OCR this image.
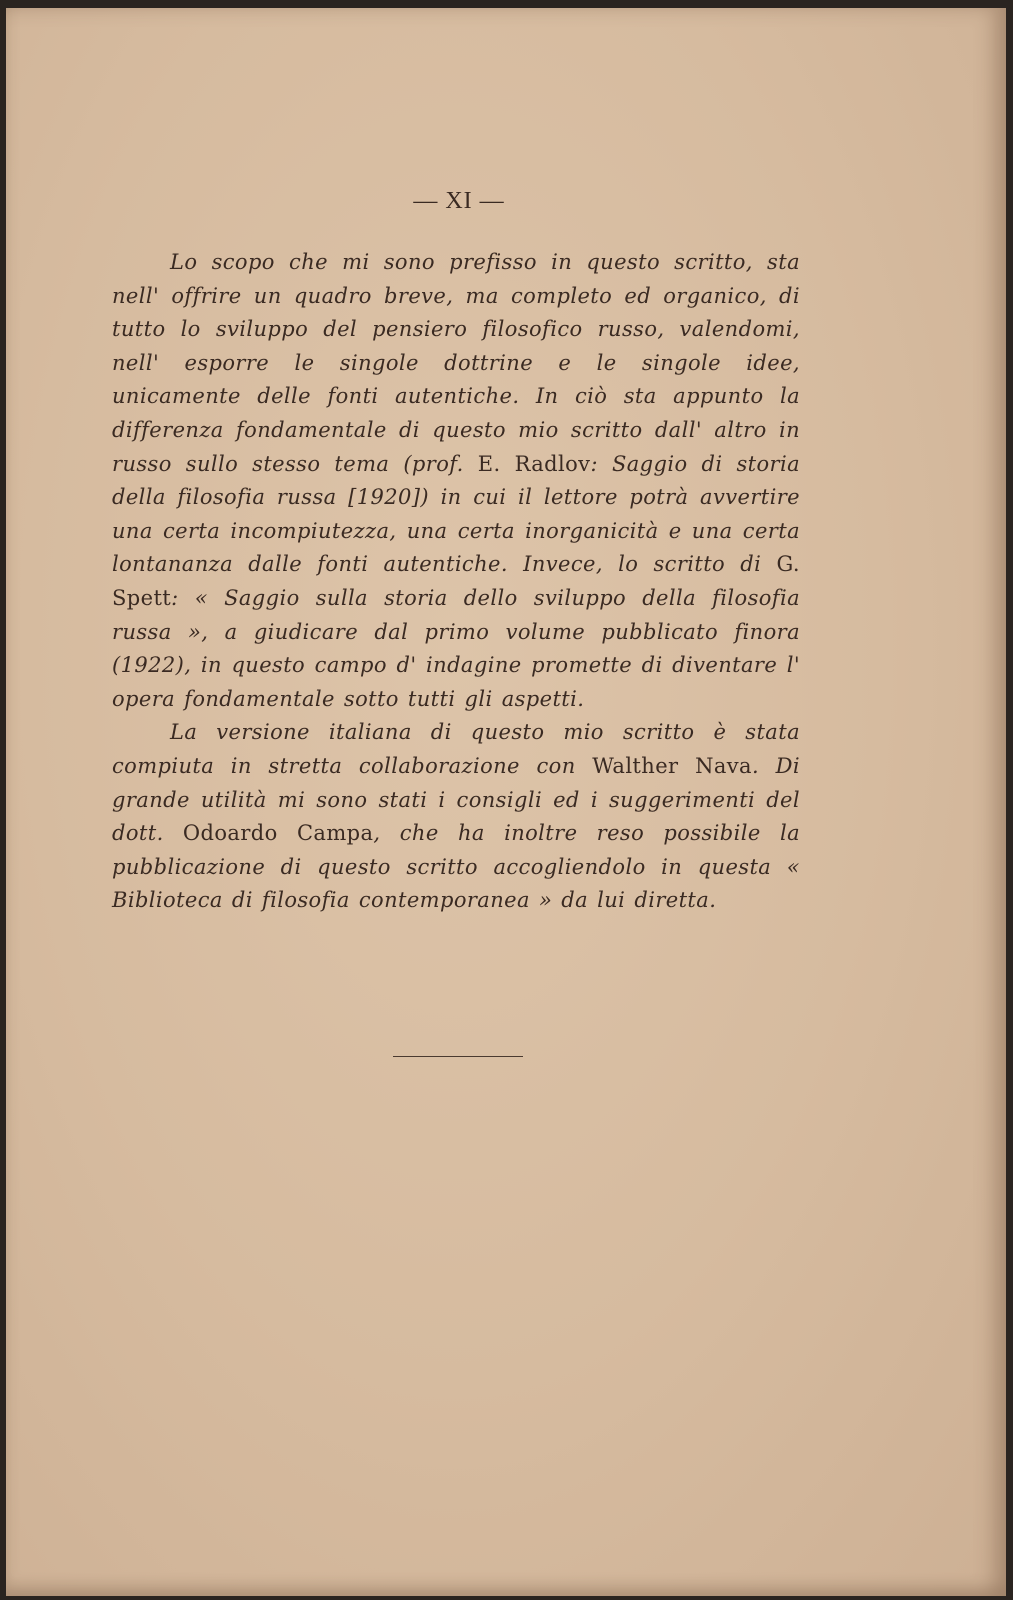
— XI —

Lo scopo che mi sono prefisso in questo scritto, sta nell' offrire un quadro breve, ma completo ed organico, di tutto lo sviluppo del pensiero filosofico russo, valendomi, nell' esporre le singole dottrine e le singole idee, unicamente delle fonti autentiche. In ciò sta appunto la differenza fondamentale di questo mio scritto dall' altro in russo sullo stesso tema (prof. E. Radlov: Saggio di storia della filosofia russa [1920]) in cui il lettore potrà avvertire una certa incompiutezza, una certa inorganicità e una certa lontananza dalle fonti autentiche. Invece, lo scritto di G. Spett: « Saggio sulla storia dello sviluppo della filosofia russa », a giudicare dal primo volume pubblicato finora (1922), in questo campo d' indagine promette di diventare l' opera fondamentale sotto tutti gli aspetti.

La versione italiana di questo mio scritto è stata compiuta in stretta collaborazione con Walther Nava. Di grande utilità mi sono stati i consigli ed i suggerimenti del dott. Odoardo Campa, che ha inoltre reso possibile la pubblicazione di questo scritto accogliendolo in questa « Biblioteca di filosofia contemporanea » da lui diretta.
